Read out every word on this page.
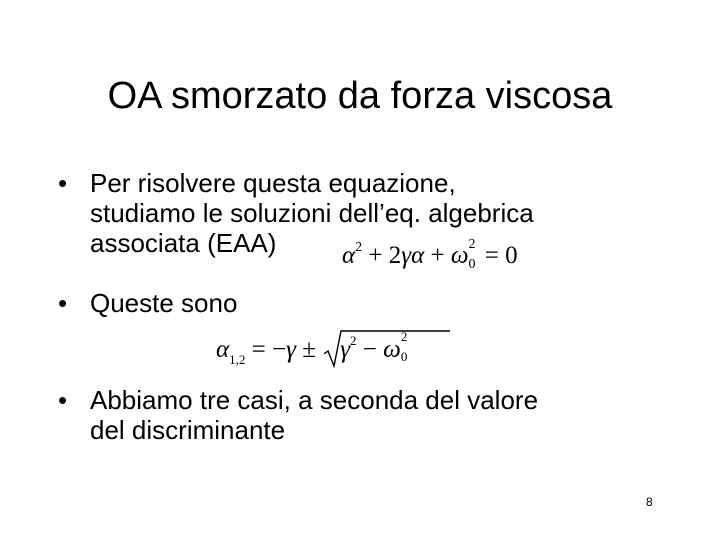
OA smorzato da forza viscosa
• Per risolvere questa equazione,
studiamo le soluzioni dell’eq. algebrica
associata (EAA)	$\alpha^2 + 2\gamma\alpha + \omega$ 2
0 = 0
• Queste sono
$\alpha_{1,2} = -\gamma \pm \gamma^2 - \omega$ 2
0
• Abbiamo tre casi, a seconda del valore
del discriminante
8
